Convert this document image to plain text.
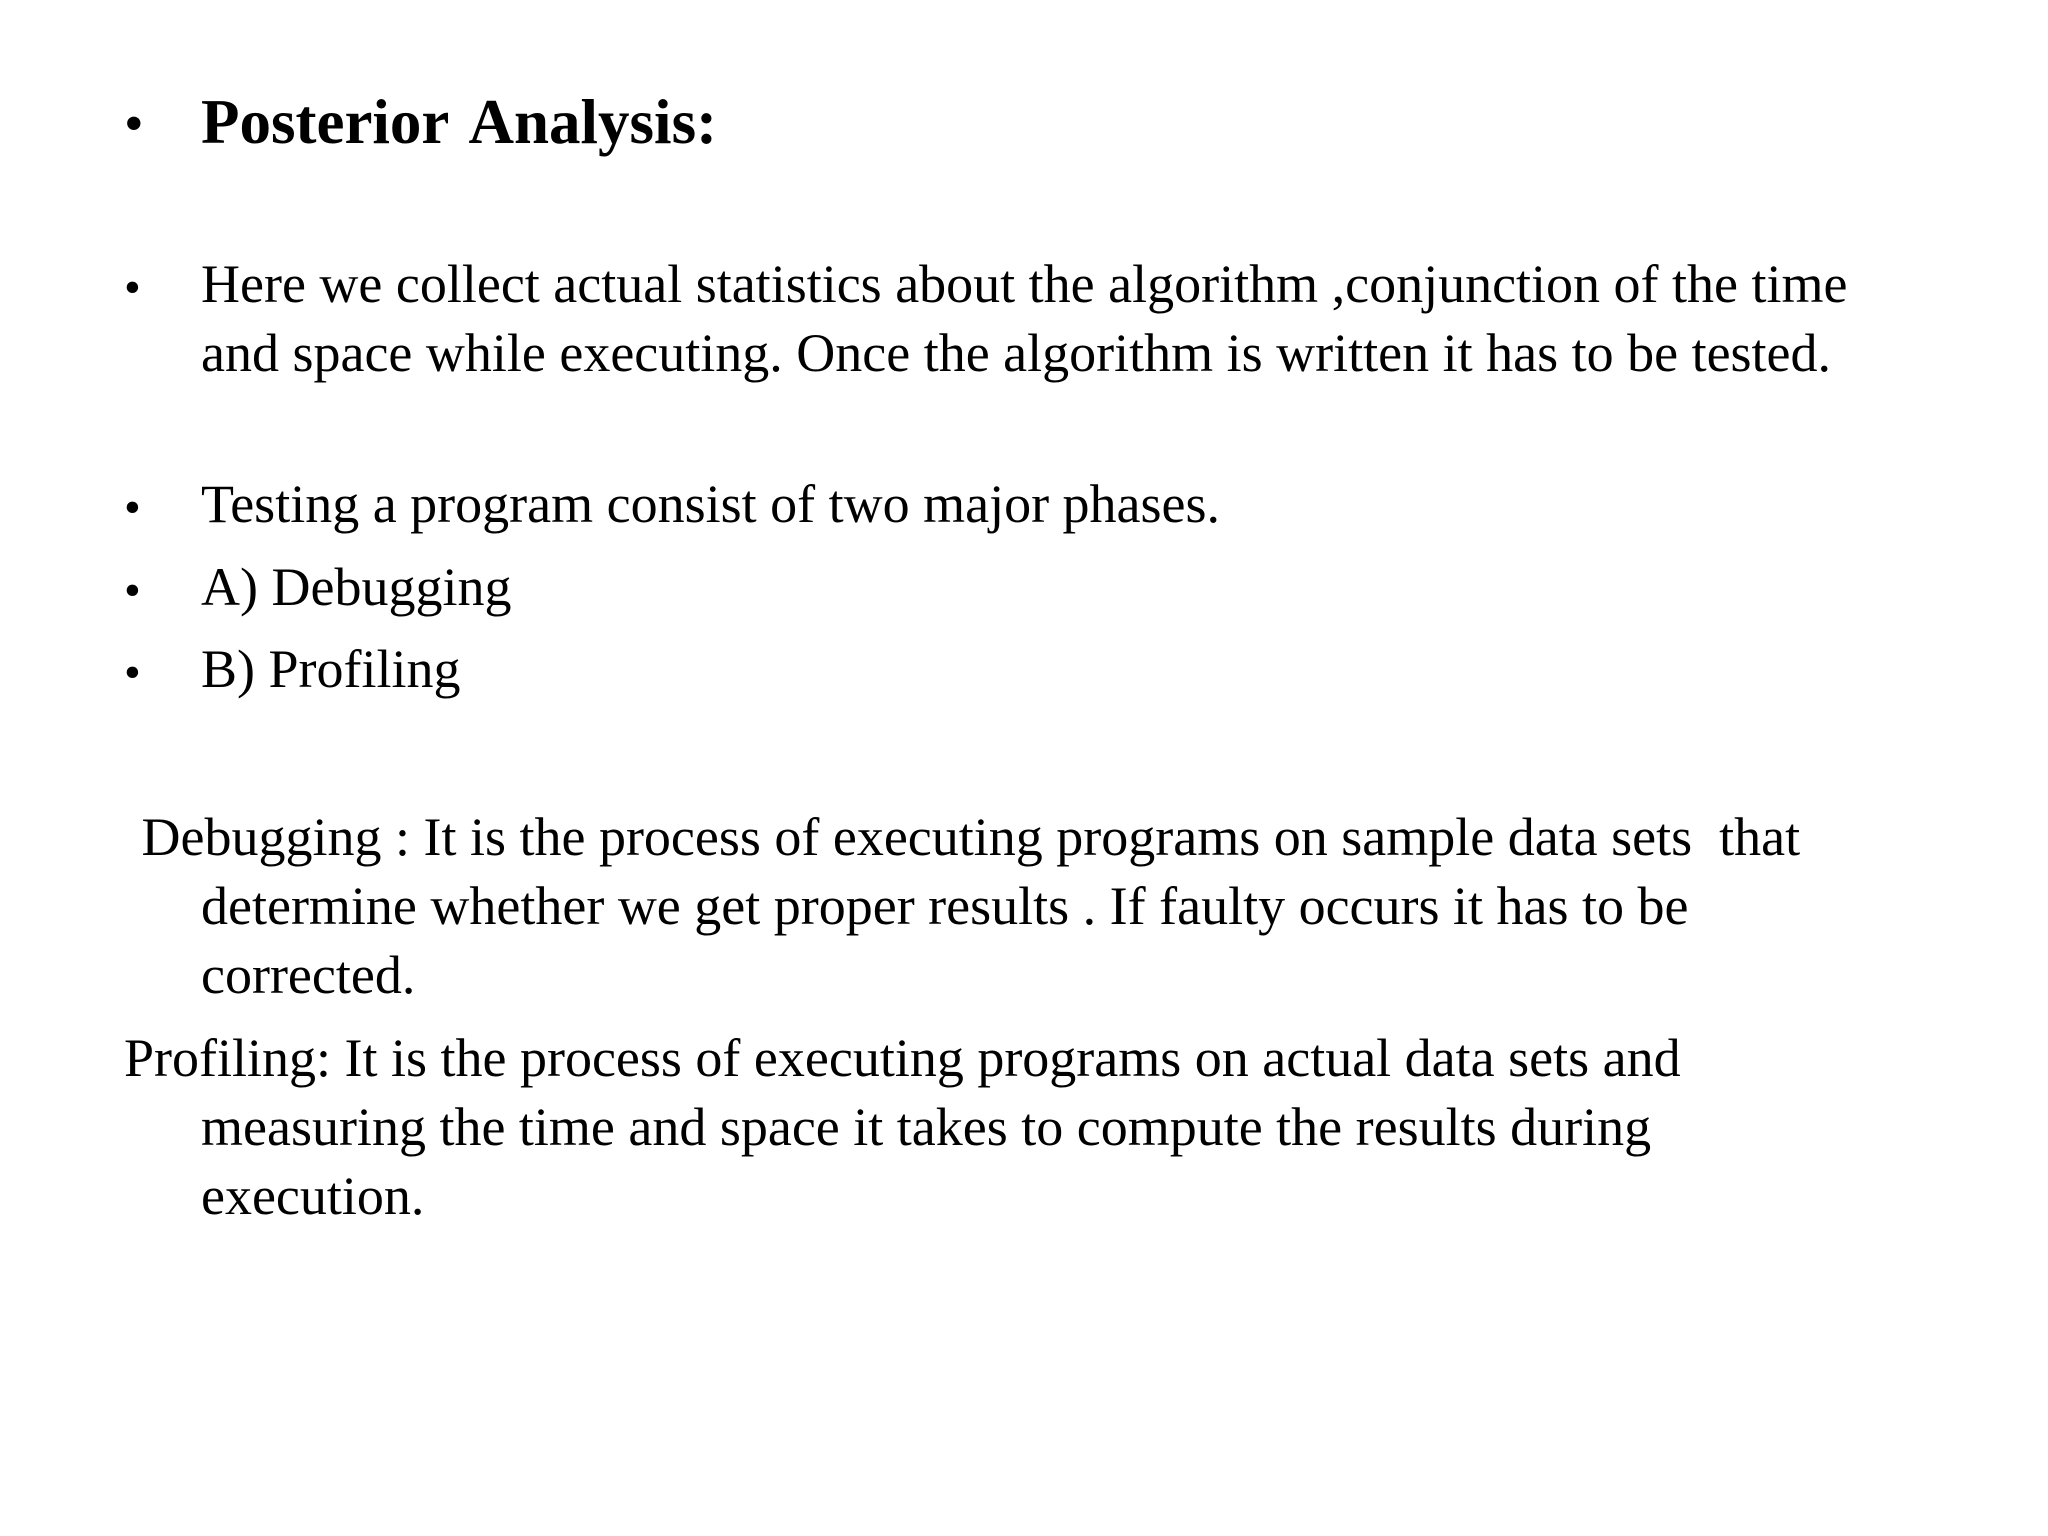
• Posterior Analysis:
• Here we collect actual statistics about the algorithm ,conjunction of the time and space while executing. Once the algorithm is written it has to be tested.
• Testing a program consist of two major phases.
• A) Debugging
• B) Profiling
Debugging : It is the process of executing programs on sample data sets  that
determine whether we get proper results . If faulty occurs it has to be
corrected.
Profiling: It is the process of executing programs on actual data sets and
measuring the time and space it takes to compute the results during
execution.
